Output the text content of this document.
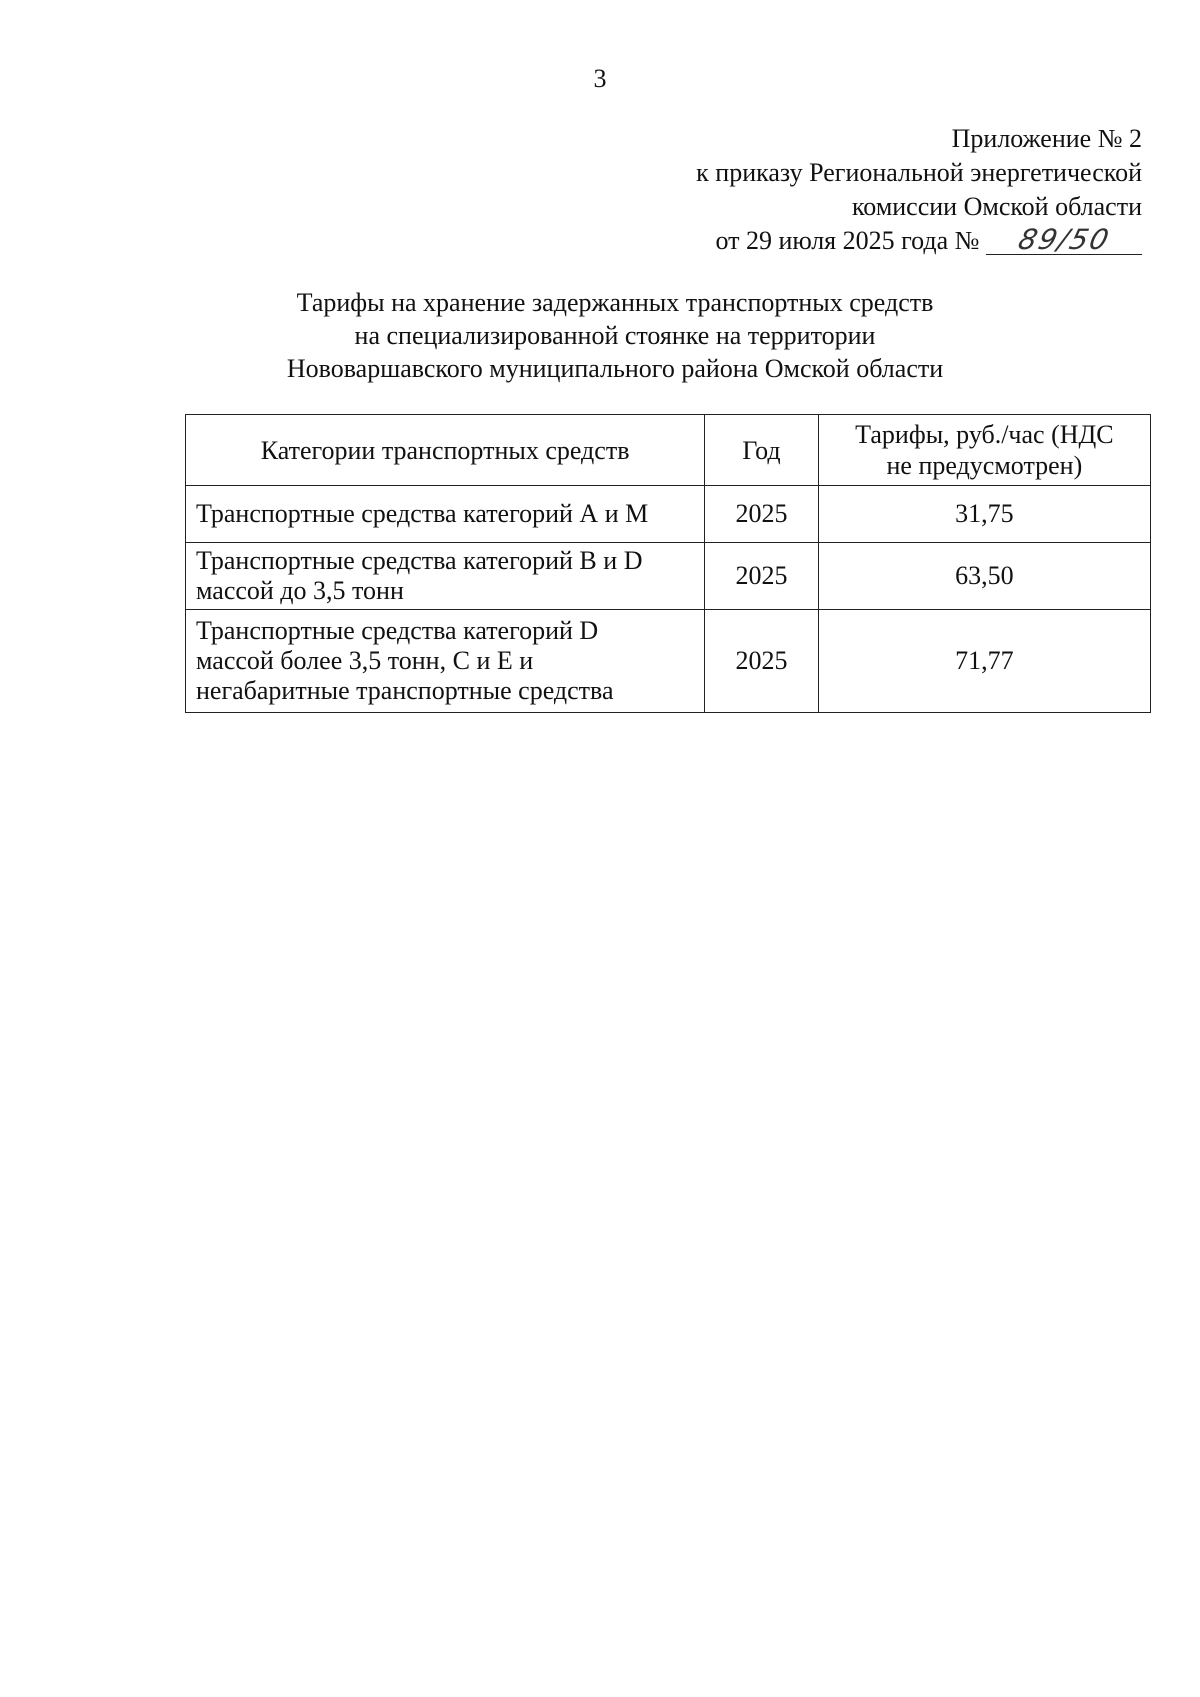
3
Приложение № 2
к приказу Региональной энергетической
комиссии Омской области
от 29 июля 2025 года № 89/50
Тарифы на хранение задержанных транспортных средств
на специализированной стоянке на территории
Нововаршавского муниципального района Омской области
Категории транспортных средств	Год	Тарифы, руб./час (НДС
не предусмотрен)
Транспортные средства категорий А и М	2025	31,75
Транспортные средства категорий В и D
массой до 3,5 тонн	2025	63,50
Транспортные средства категорий D
массой более 3,5 тонн, С и Е и
негабаритные транспортные средства	2025	71,77
